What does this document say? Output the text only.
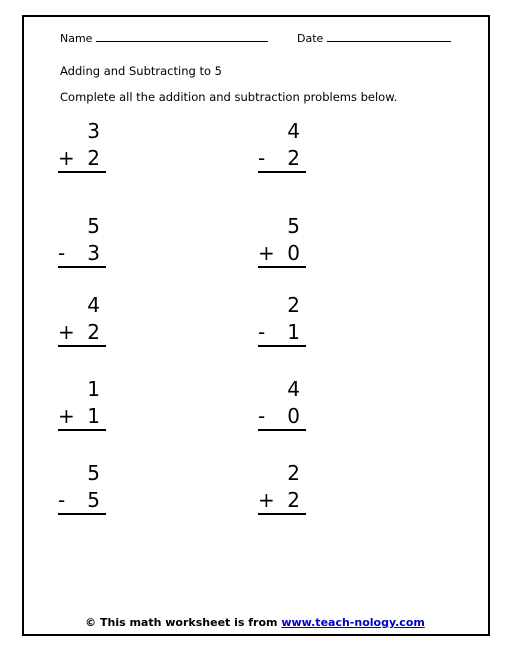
Name	Date
Adding and Subtracting to 5
Complete all the addition and subtraction problems below.
3
+ 2
5
-	3
4
+ 2
1
+ 1
5
-	5
4
-	2
5
+ 0
2
-	1
4
-	0
2
+ 2
© This math worksheet is from www.teach-nology.com
